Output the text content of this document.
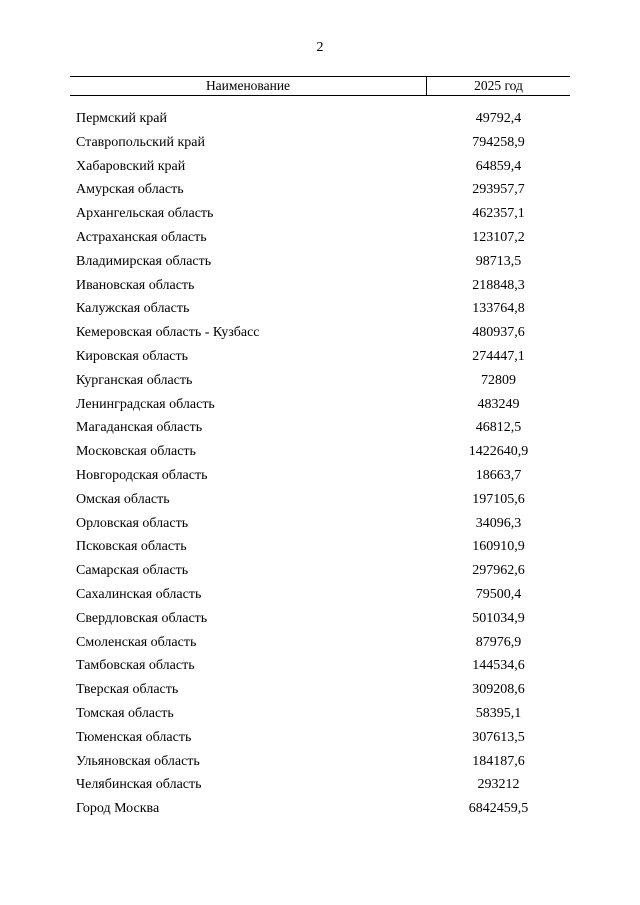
2
Наименование	2025 год
Пермский край	49792,4
Ставропольский край	794258,9
Хабаровский край	64859,4
Амурская область	293957,7
Архангельская область	462357,1
Астраханская область	123107,2
Владимирская область	98713,5
Ивановская область	218848,3
Калужская область	133764,8
Кемеровская область - Кузбасс	480937,6
Кировская область	274447,1
Курганская область	72809
Ленинградская область	483249
Магаданская область	46812,5
Московская область	1422640,9
Новгородская область	18663,7
Омская область	197105,6
Орловская область	34096,3
Псковская область	160910,9
Самарская область	297962,6
Сахалинская область	79500,4
Свердловская область	501034,9
Смоленская область	87976,9
Тамбовская область	144534,6
Тверская область	309208,6
Томская область	58395,1
Тюменская область	307613,5
Ульяновская область	184187,6
Челябинская область	293212
Город Москва	6842459,5
